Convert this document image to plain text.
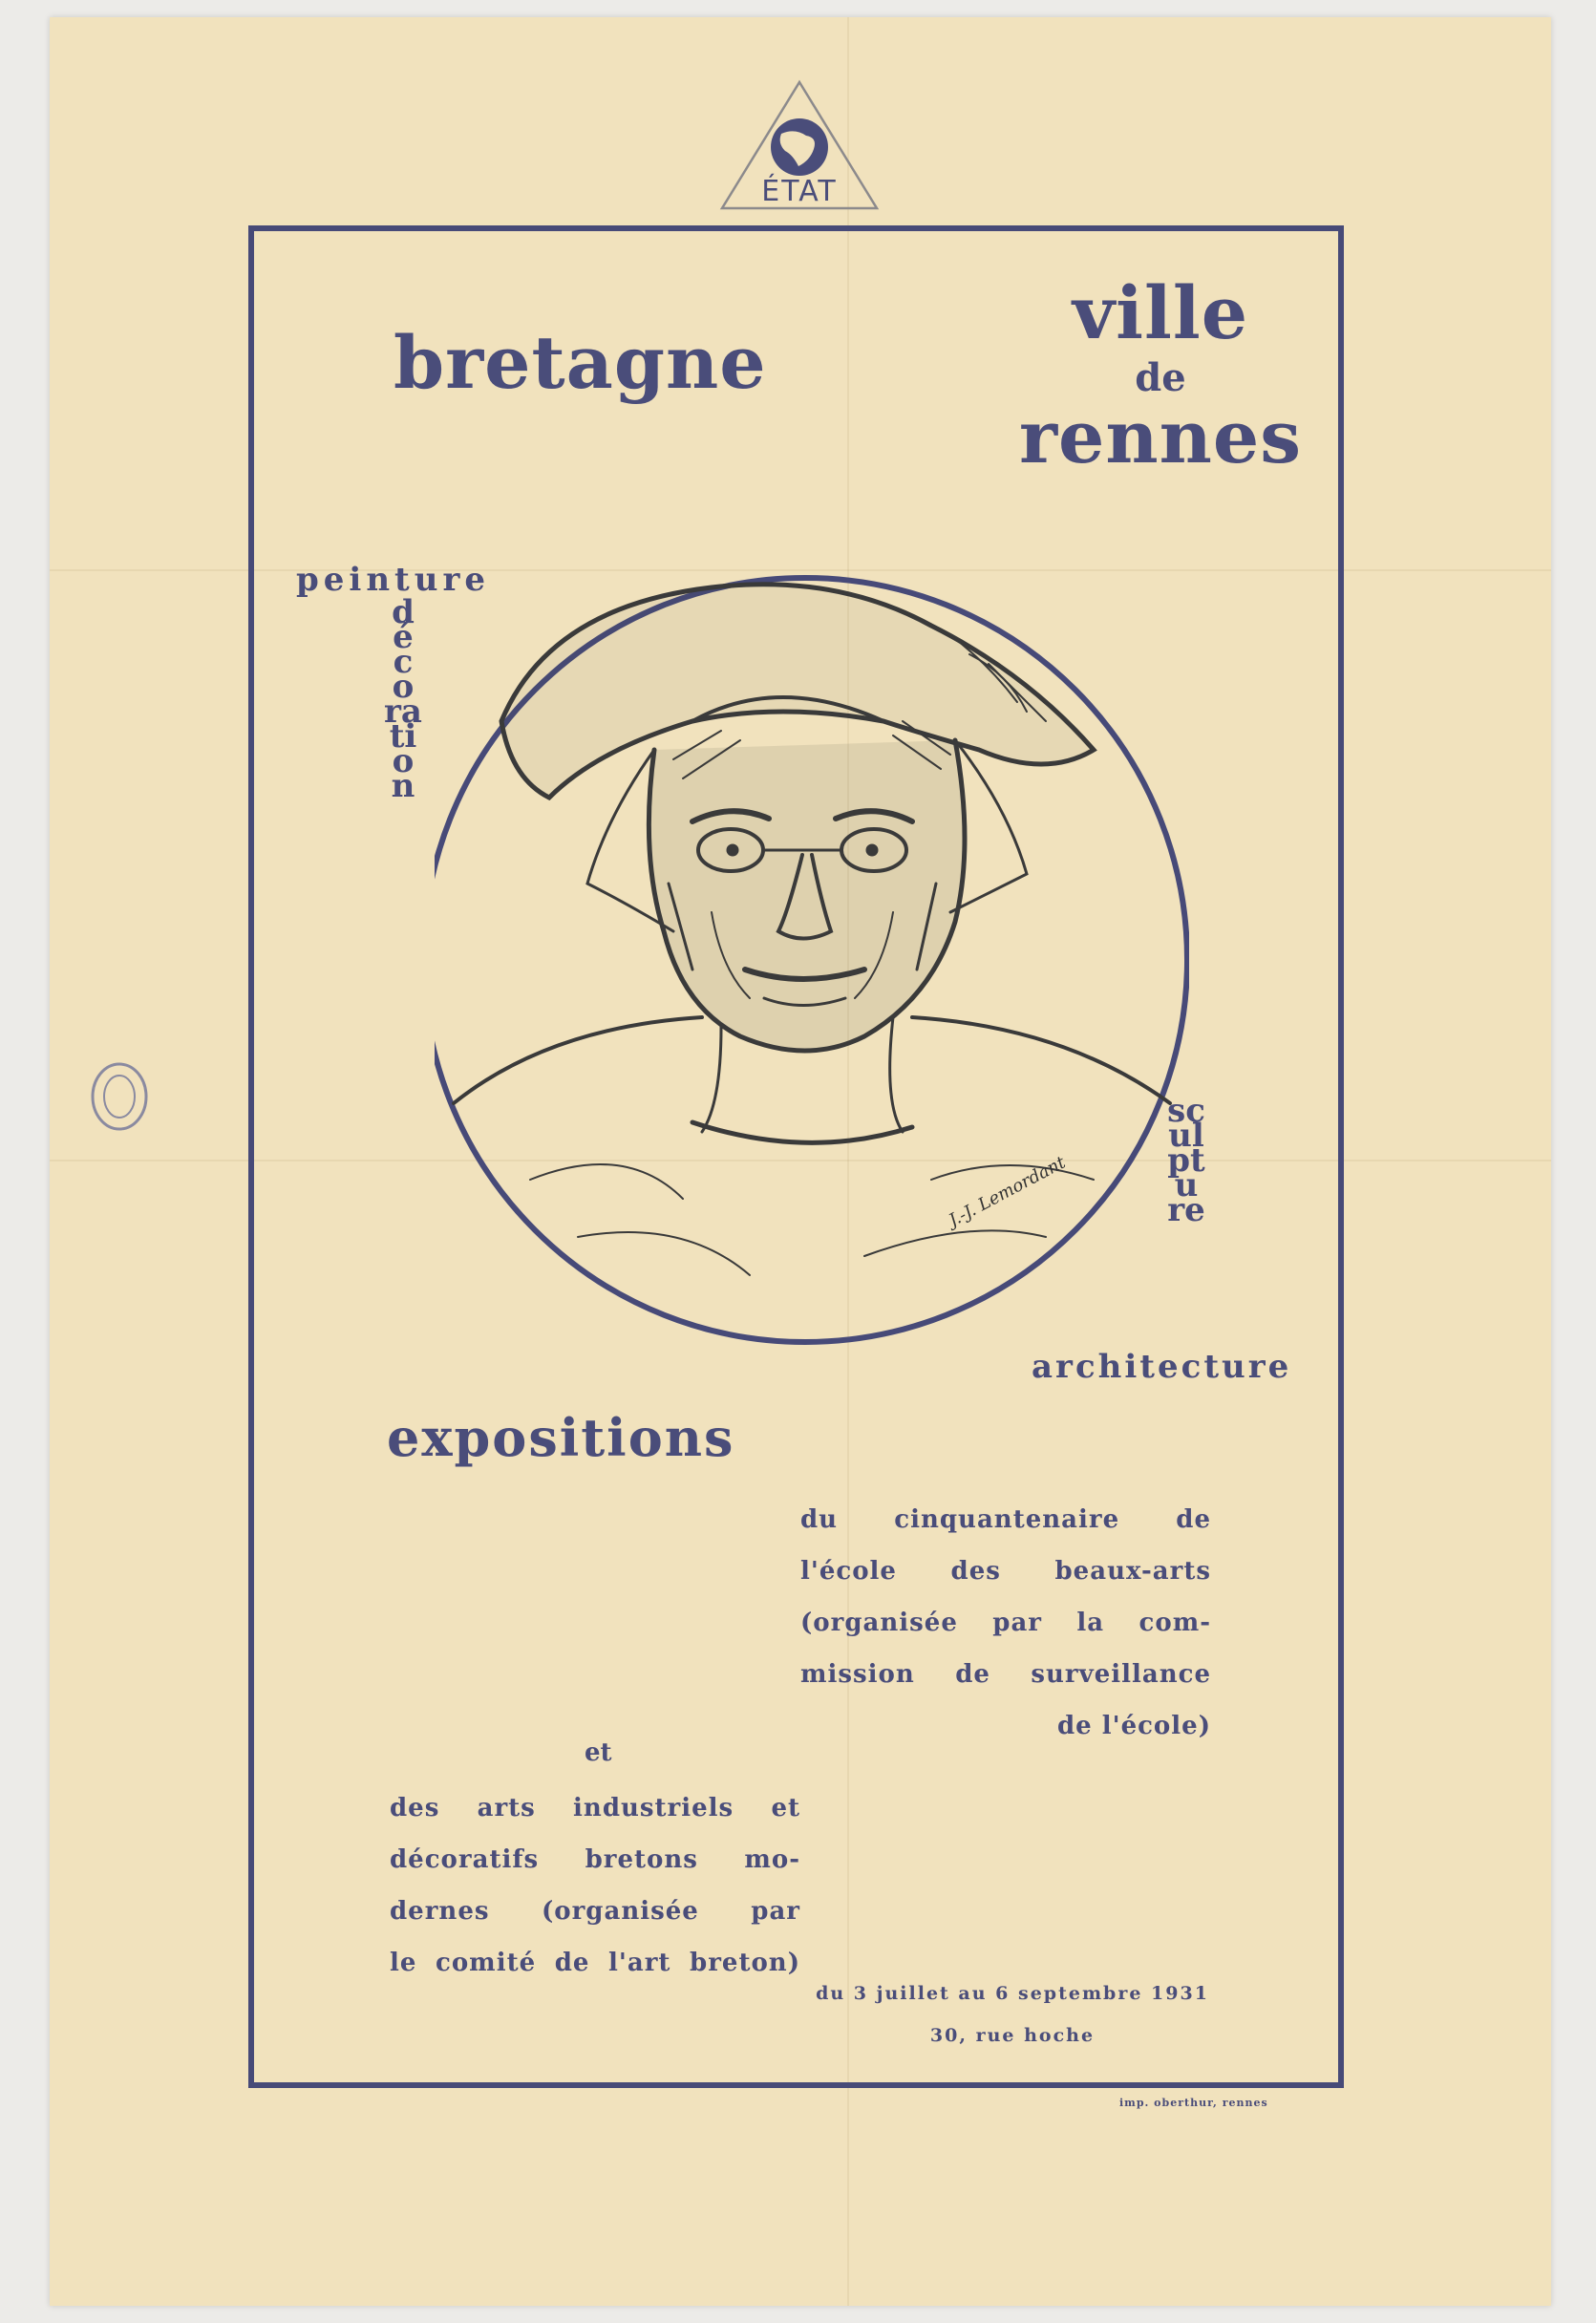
ÉTAT
bretagne
ville
de
rennes
peinture
décoration
sculpture
architecture
J.-J. Lemordant
expositions
du cinquantenaire de
l'école des beaux-arts
(organisée par la com-
mission de surveillance
de l'école)
et
des arts industriels et
décoratifs bretons mo-
dernes (organisée par
le comité de l'art breton)
du 3 juillet au 6 septembre 1931
30, rue hoche
imp. oberthur, rennes
